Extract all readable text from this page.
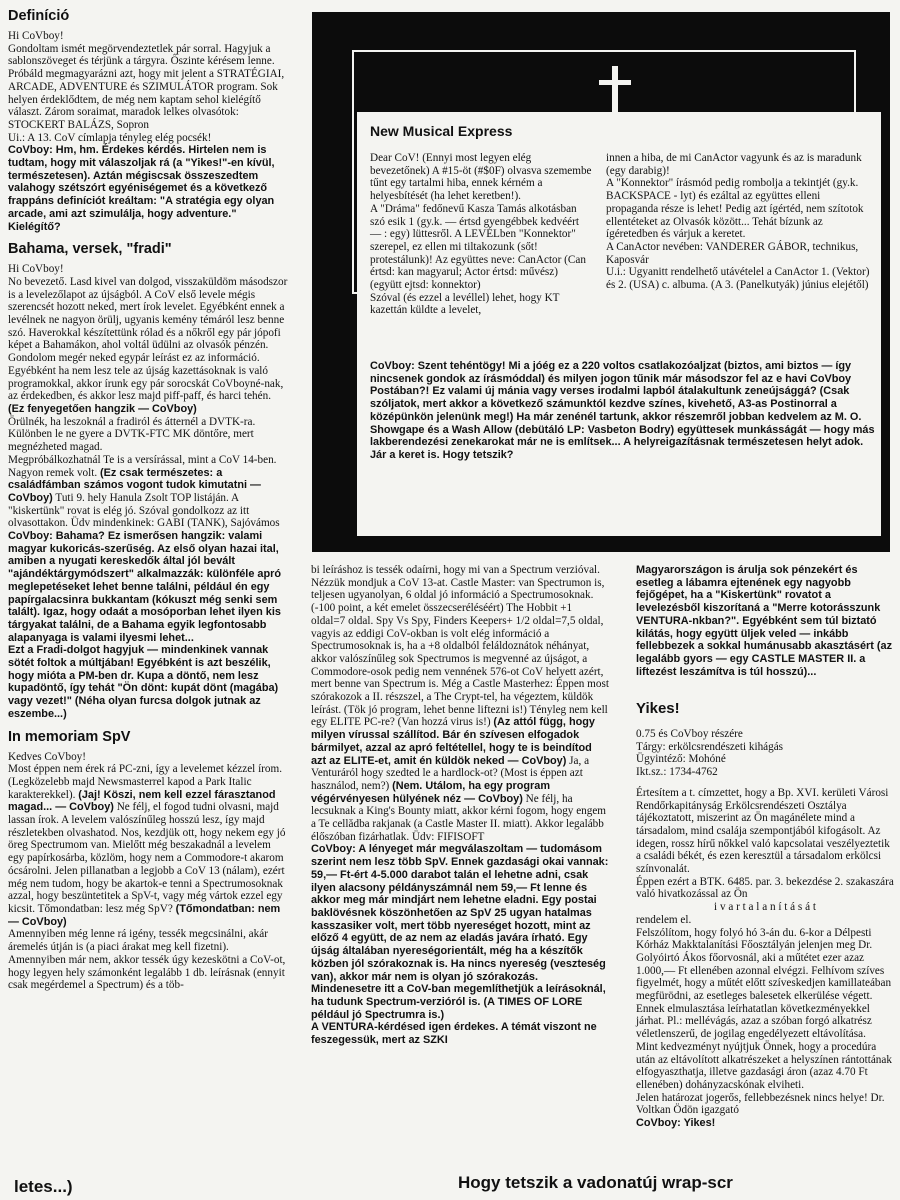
Definíció

Hi CoVboy!

Gondoltam ismét megörvendeztetlek pár sorral. Hagyjuk a sablonszöveget és térjünk a tárgyra. Őszinte kérésem lenne. Próbáld megmagyarázni azt, hogy mit jelent a STRATÉGIAI, ARCADE, ADVENTURE és SZIMULÁTOR program. Sok helyen érdeklődtem, de még nem kaptam sehol kielégítő választ. Zárom soraimat, maradok lelkes olvasótok:

STOCKERT BALÁZS, Sopron

Ui.: A 13. CoV címlapja tényleg elég pocsék!

CoVboy: Hm, hm. Érdekes kérdés. Hirtelen nem is tudtam, hogy mit válaszoljak rá (a "Yikes!"-en kívül, természetesen). Aztán mégiscsak összeszedtem valahogy szétszórt egyéniségemet és a következő frappáns definíciót kreáltam: "A stratégia egy olyan arcade, ami azt szimulálja, hogy adventure." Kielégítő?

Bahama, versek, "fradi"

Hi CoVboy!

No bevezető. Lasd kivel van dolgod, visszaküldöm másodszor is a levelezőlapot az újságból. A CoV első levele mégis szerencsét hozott neked, mert írok levelet. Egyébként ennek a levélnek ne nagyon örülj, ugyanis kemény témáról lesz benne szó. Haverokkal készítettünk rólad és a nőkről egy pár jópofi képet a Bahamákon, ahol voltál üdülni az olvasók pénzén. Gondolom megér neked egypár leírást ez az információ. Egyébként ha nem lesz tele az újság kazettásoknak is való programokkal, akkor írunk egy pár sorocskát CoVboyné-nak, az érdekedben, és akkor lesz majd piff-paff, és harci tehén. (Ez fenyegetően hangzik — CoVboy)

Örülnék, ha leszoknál a fradiról és átternél a DVTK-ra. Különben le ne gyere a DVTK-FTC MK döntőre, mert megnézheted magad.

Megpróbálkozhatnál Te is a versírással, mint a CoV 14-ben. Nagyon remek volt. (Ez csak természetes: a családfámban számos vogont tudok kimutatni — CoVboy) Tuti 9. hely Hanula Zsolt TOP listáján. A "kiskertünk" rovat is elég jó. Szóval gondolkozz az itt olvasottakon. Üdv mindenkinek: GABI (TANK), Sajóvámos

CoVboy: Bahama? Ez ismerősen hangzik: valami magyar kukoricás-szerűség. Az első olyan hazai ital, amiben a nyugati kereskedők által jól bevált "ajándéktárgymódszert" alkalmazzák: különféle apró meglepetéseket lehet benne találni, például én egy papírgalacsinra bukkantam (kókuszt még senki sem talált). Igaz, hogy odaát a mosóporban lehet ilyen kis tárgyakat találni, de a Bahama egyik legfontosabb alapanyaga is valami ilyesmi lehet...

Ezt a Fradi-dolgot hagyjuk — mindenkinek vannak sötét foltok a múltjában! Egyébként is azt beszélik, hogy mióta a PM-ben dr. Kupa a döntő, nem lesz kupadöntő, így tehát "Ön dönt: kupát dönt (magába) vagy vezet!" (Néha olyan furcsa dolgok jutnak az eszembe...)

In memoriam SpV

Kedves CoVboy!

Most éppen nem érek rá PC-zni, így a levelemet kézzel írom. (Legközelebb majd Newsmasterrel kapod a Park Italic karakterekkel). (Jaj! Köszi, nem kell ezzel fárasztanod magad... — CoVboy) Ne félj, el fogod tudni olvasni, majd lassan írok. A levelem valószínűleg hosszú lesz, így majd részletekben olvashatod. Nos, kezdjük ott, hogy nekem egy jó öreg Spectrumom van. Mielőtt még beszakadnál a levelem egy papírkosárba, közlöm, hogy nem a Commodore-t akarom ócsárolni. Jelen pillanatban a legjobb a CoV 13 (nálam), ezért még nem tudom, hogy be akartok-e tenni a Spectrumosoknak azzal, hogy beszüntetitek a SpV-t, vagy még vártok ezzel egy kicsit. Tőmondatban: lesz még SpV? (Tőmondatban: nem — CoVboy)

Amennyiben még lenne rá igény, tessék megcsinálni, akár áremelés útján is (a piaci árakat meg kell fizetni). Amennyiben már nem, akkor tessék úgy kezeskötni a CoV-ot, hogy legyen hely számonként legalább 1 db. leírásnak (ennyit csak megérdemel a Spectrum) és a töb-

New Musical Express

Dear CoV! (Ennyi most legyen elég bevezetőnek) A #15-öt (#$0F) olvasva szemembe tűnt egy tartalmi hiba, ennek kérném a helyesbítését (ha lehet keretben!).

A "Dráma" fedőnevű Kasza Tamás alkotásban szó esik 1 (gy.k. — értsd gyengébbek kedvéért — : egy) lüttesről. A LEVÉLben "Konnektor" szerepel, ez ellen mi tiltakozunk (sőt! protestálunk)! Az együttes neve: CanActor (Can értsd: kan magyarul; Actor értsd: művész) (együtt ejtsd: konnektor)

Szóval (és ezzel a levéllel) lehet, hogy KT kazettán küldte a levelet,

innen a hiba, de mi CanActor vagyunk és az is maradunk (egy darabig)!

A "Konnektor" írásmód pedig rombolja a tekintjét (gy.k. BACKSPACE - lyt) és ezáltal az együttes elleni propaganda része is lehet! Pedig azt ígértéd, nem szítotok ellentéteket az Olvasók között... Tehát bízunk az ígéretedben és várjuk a keretet.

A CanActor nevében: VANDERER GÁBOR, technikus, Kaposvár

U.i.: Ugyanitt rendelhető utávételel a CanActor 1. (Vektor) és 2. (USA) c. albuma. (A 3. (Panelkutyák) június elejétől)

CoVboy: Szent tehéntögy! Mi a jóég ez a 220 voltos csatlakozóaljzat (biztos, ami biztos — így nincsenek gondok az írásmóddal) és milyen jogon tűnik már másodszor fel az e havi CoVboy Postában?! Ez valami új mánia vagy verses irodalmi lapból átalakultunk zeneújsággá? (Csak szóljatok, mert akkor a következő számunktól kezdve színes, kivehető, A3-as Postinorral a középünkön jelenünk meg!) Ha már zenénél tartunk, akkor részemről jobban kedvelem az M. O. Showgape és a Wash Allow (debütáló LP: Vasbeton Bodry) együttesek munkásságát — hogy más lakberendezési zenekarokat már ne is említsek... A helyreigazításnak természetesen helyt adok. Jár a keret is. Hogy tetszik?

bi leíráshoz is tessék odaírni, hogy mi van a Spectrum verzióval. Nézzük mondjuk a CoV 13-at. Castle Master: van Spectrumon is, teljesen ugyanolyan, 6 oldal jó információ a Spectrumosoknak. (-100 point, a két emelet összecseréléséért) The Hobbit +1 oldal=7 oldal. Spy Vs Spy, Finders Keepers+ 1/2 oldal=7,5 oldal, vagyis az eddigi CoV-okban is volt elég információ a Spectrumosoknak is, ha a +8 oldalból feláldoznátok néhányat, akkor valószínűleg sok Spectrumos is megvenné az újságot, a Commodore-osok pedig nem vennének 576-ot CoV helyett azért, mert benne van Spectrum is. Még a Castle Masterhez: Éppen most szórakozok a II. részszel, a The Crypt-tel, ha végeztem, küldök leírást. (Tök jó program, lehet benne liftezni is!) Tényleg nem kell egy ELITE PC-re? (Van hozzá virus is!) (Az attól függ, hogy milyen vírussal szállítod. Bár én szívesen elfogadok bármilyet, azzal az apró feltétellel, hogy te is beindítod azt az ELITE-et, amit én küldök neked — CoVboy) Ja, a Venturáról hogy szedted le a hardlock-ot? (Most is éppen azt használod, nem?) (Nem. Utálom, ha egy program végérvényesen hülyének néz — CoVboy) Ne félj, ha lecsuknak a King's Bounty miatt, akkor kérni fogom, hogy engem a Te cellădba rakjanak (a Castle Master II. miatt). Akkor legalább élőszóban fizárhatlak. Üdv: FIFISOFT

CoVboy: A lényeget már megválaszoltam — tudomásom szerint nem lesz több SpV. Ennek gazdasági okai vannak: 59,— Ft-ért 4-5.000 darabot talán el lehetne adni, csak ilyen alacsony példányszámnál nem 59,— Ft lenne és akkor meg már mindjárt nem lehetne eladni. Egy postai baklövésnek köszönhetően az SpV 25 ugyan hatalmas kasszasiker volt, mert több nyereséget hozott, mint az előző 4 együtt, de az nem az eladás javára írható. Egy újság általában nyereségorientált, még ha a készítők közben jól szórakoznak is. Ha nincs nyereség (veszteség van), akkor már nem is olyan jó szórakozás. Mindenesetre itt a CoV-ban megemlíthetjük a leírásoknál, ha tudunk Spectrum-verzióról is. (A TIMES OF LORE például jó Spectrumra is.)

A VENTURA-kérdésed igen érdekes. A témát viszont ne feszegessük, mert az SZKI

Magyarországon is árulja sok pénzekért és esetleg a lábamra ejtenének egy nagyobb fejőgépet, ha a "Kiskertünk" rovatot a levelezésből kiszorítaná a "Merre kotorásszunk VENTURA-nkban?". Egyébként sem túl biztató kilátás, hogy együtt üljek veled — inkább fellebbezek a sokkal humánusabb akasztásért (az legalább gyors — egy CASTLE MASTER II. a liftezést leszámítva is túl hosszú)...

Yikes!

0.75 és CoVboy részére

Tárgy: erkölcsrendészeti kihágás

Ügyintéző: Mohóné

Ikt.sz.: 1734-4762

Értesítem a t. címzettet, hogy a Bp. XVI. kerületi Városi Rendőrkapitányság Erkölcsrendészeti Osztálya tájékoztatott, miszerint az Ön magánélete mind a társadalom, mind csalája szempontjából kifogásolt. Az idegen, rossz hírű nőkkel való kapcsolatai veszélyeztetik a családi békét, és ezen keresztül a társadalom erkölcsi színvonalát.

Éppen ezért a BTK. 6485. par. 3. bekezdése 2. szakaszára való hivatkozással az Ön

i v a r t a l a n í t á s á t

rendelem el.

Felszólítom, hogy folyó hó 3-án du. 6-kor a Délpesti Kórház Makktalanítási Főosztályán jelenjen meg Dr. Golyóirtó Ákos főorvosnál, aki a műtétet ezer azaz 1.000,— Ft ellenében azonnal elvégzi. Felhívom szíves figyelmét, hogy a műtét előtt szíveskedjen kamillateában megfürödni, az esetleges balesetek elkerülése végett. Ennek elmulasztása leírhatatlan következményekkel járhat. Pl.: mellévágás, azaz a szóban forgó alkatrész véletlenszerű, de jogilag engedélyezett eltávolítása.

Mint kedvezményt nyújtjuk Önnek, hogy a procedúra után az eltávolított alkatrészeket a helyszínen rántottának elfogyaszthatja, illetve gazdasági áron (azaz 4.70 Ft ellenében) dohányzacskónak elviheti.

Jelen határozat jogerős, fellebbezésnek nincs helye! Dr. Voltkan Ödön igazgató

CoVboy: Yikes!

letes...)	Hogy tetszik a vadonatúj wrap-scr
